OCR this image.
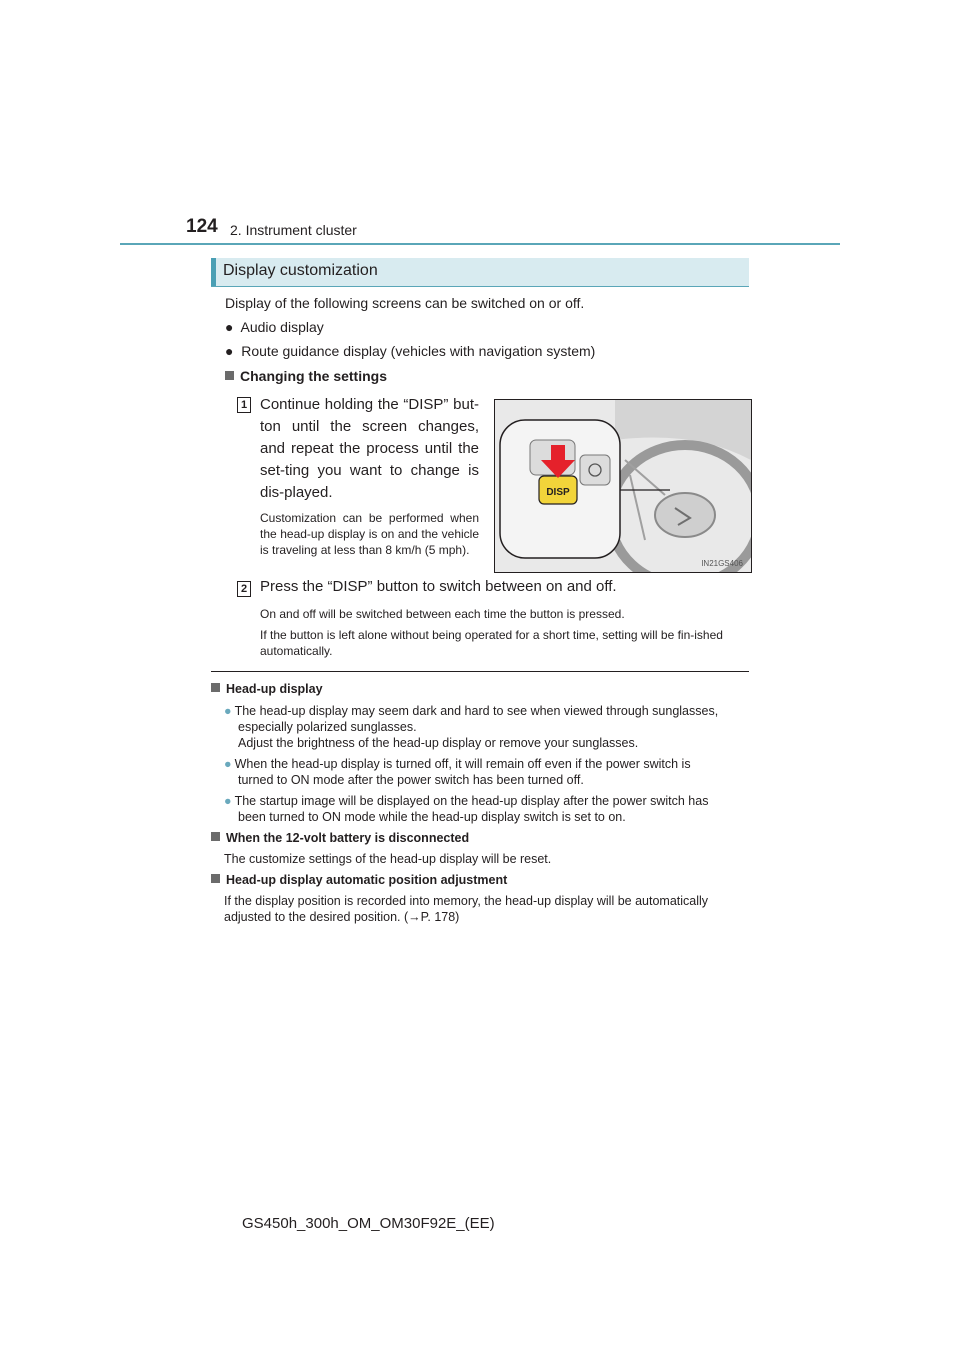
124 2. Instrument cluster
Display customization
Display of the following screens can be switched on or off.
● Audio display
● Route guidance display (vehicles with navigation system)
Changing the settings
1 Continue holding the “DISP” but-ton until the screen changes, and repeat the process until the set-ting you want to change is dis-played.
Customization can be performed when the head-up display is on and the vehicle is traveling at less than 8 km/h (5 mph).
DISP
IN21GS406
2 Press the “DISP” button to switch between on and off.
On and off will be switched between each time the button is pressed.
If the button is left alone without being operated for a short time, setting will be fin-ished automatically.
Head-up display
● The head-up display may seem dark and hard to see when viewed through sunglasses,
especially polarized sunglasses.
Adjust the brightness of the head-up display or remove your sunglasses.
● When the head-up display is turned off, it will remain off even if the power switch is
turned to ON mode after the power switch has been turned off.
● The startup image will be displayed on the head-up display after the power switch has
been turned to ON mode while the head-up display switch is set to on.
When the 12-volt battery is disconnected
The customize settings of the head-up display will be reset.
Head-up display automatic position adjustment
If the display position is recorded into memory, the head-up display will be automatically
adjusted to the desired position. (→P. 178)
GS450h_300h_OM_OM30F92E_(EE)
